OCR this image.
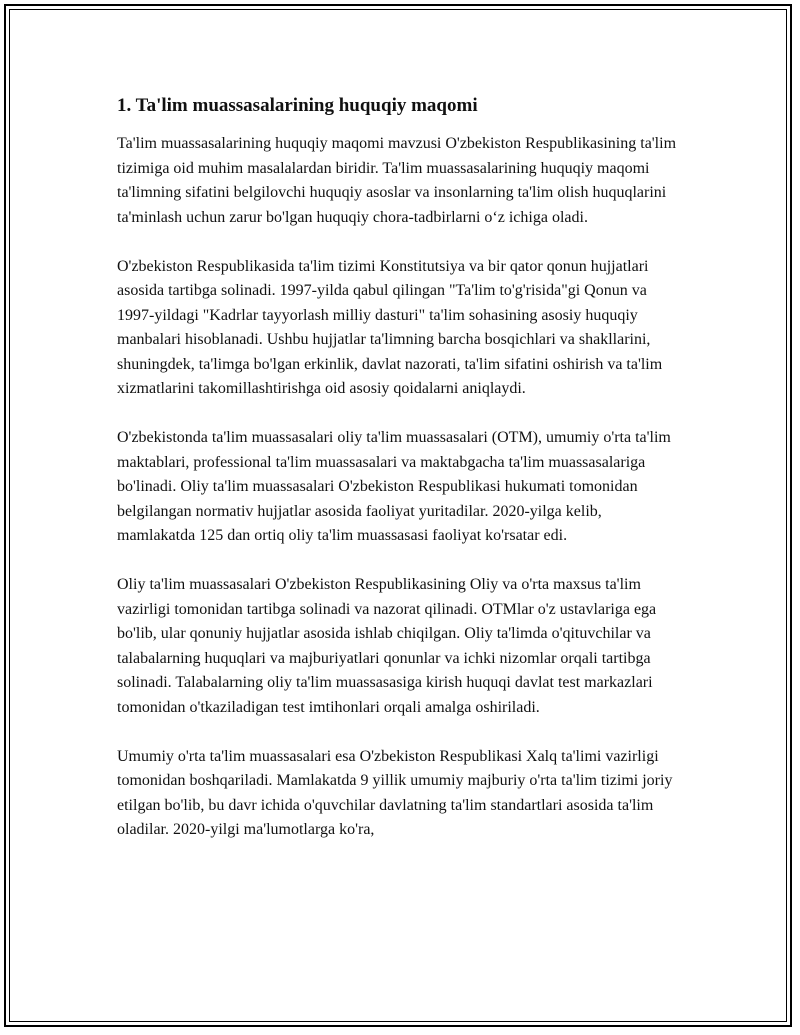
1. Ta'lim muassasalarining huquqiy maqomi

Ta'lim muassasalarining huquqiy maqomi mavzusi O'zbekiston Respublikasining ta'lim tizimiga oid muhim masalalardan biridir. Ta'lim muassasalarining huquqiy maqomi ta'limning sifatini belgilovchi huquqiy asoslar va insonlarning ta'lim olish huquqlarini ta'minlash uchun zarur bo'lgan huquqiy chora-tadbirlarni o‘z ichiga oladi.

O'zbekiston Respublikasida ta'lim tizimi Konstitutsiya va bir qator qonun hujjatlari asosida tartibga solinadi. 1997-yilda qabul qilingan "Ta'lim to'g'risida"gi Qonun va 1997-yildagi "Kadrlar tayyorlash milliy dasturi" ta'lim sohasining asosiy huquqiy manbalari hisoblanadi. Ushbu hujjatlar ta'limning barcha bosqichlari va shakllarini, shuningdek, ta'limga bo'lgan erkinlik, davlat nazorati, ta'lim sifatini oshirish va ta'lim xizmatlarini takomillashtirishga oid asosiy qoidalarni aniqlaydi.

O'zbekistonda ta'lim muassasalari oliy ta'lim muassasalari (OTM), umumiy o'rta ta'lim maktablari, professional ta'lim muassasalari va maktabgacha ta'lim muassasalariga bo'linadi. Oliy ta'lim muassasalari O'zbekiston Respublikasi hukumati tomonidan belgilangan normativ hujjatlar asosida faoliyat yuritadilar. 2020-yilga kelib, mamlakatda 125 dan ortiq oliy ta'lim muassasasi faoliyat ko'rsatar edi.

Oliy ta'lim muassasalari O'zbekiston Respublikasining Oliy va o'rta maxsus ta'lim vazirligi tomonidan tartibga solinadi va nazorat qilinadi. OTMlar o'z ustavlariga ega bo'lib, ular qonuniy hujjatlar asosida ishlab chiqilgan. Oliy ta'limda o'qituvchilar va talabalarning huquqlari va majburiyatlari qonunlar va ichki nizomlar orqali tartibga solinadi. Talabalarning oliy ta'lim muassasasiga kirish huquqi davlat test markazlari tomonidan o'tkaziladigan test imtihonlari orqali amalga oshiriladi.

Umumiy o'rta ta'lim muassasalari esa O'zbekiston Respublikasi Xalq ta'limi vazirligi tomonidan boshqariladi. Mamlakatda 9 yillik umumiy majburiy o'rta ta'lim tizimi joriy etilgan bo'lib, bu davr ichida o'quvchilar davlatning ta'lim standartlari asosida ta'lim oladilar. 2020-yilgi ma'lumotlarga ko'ra,
